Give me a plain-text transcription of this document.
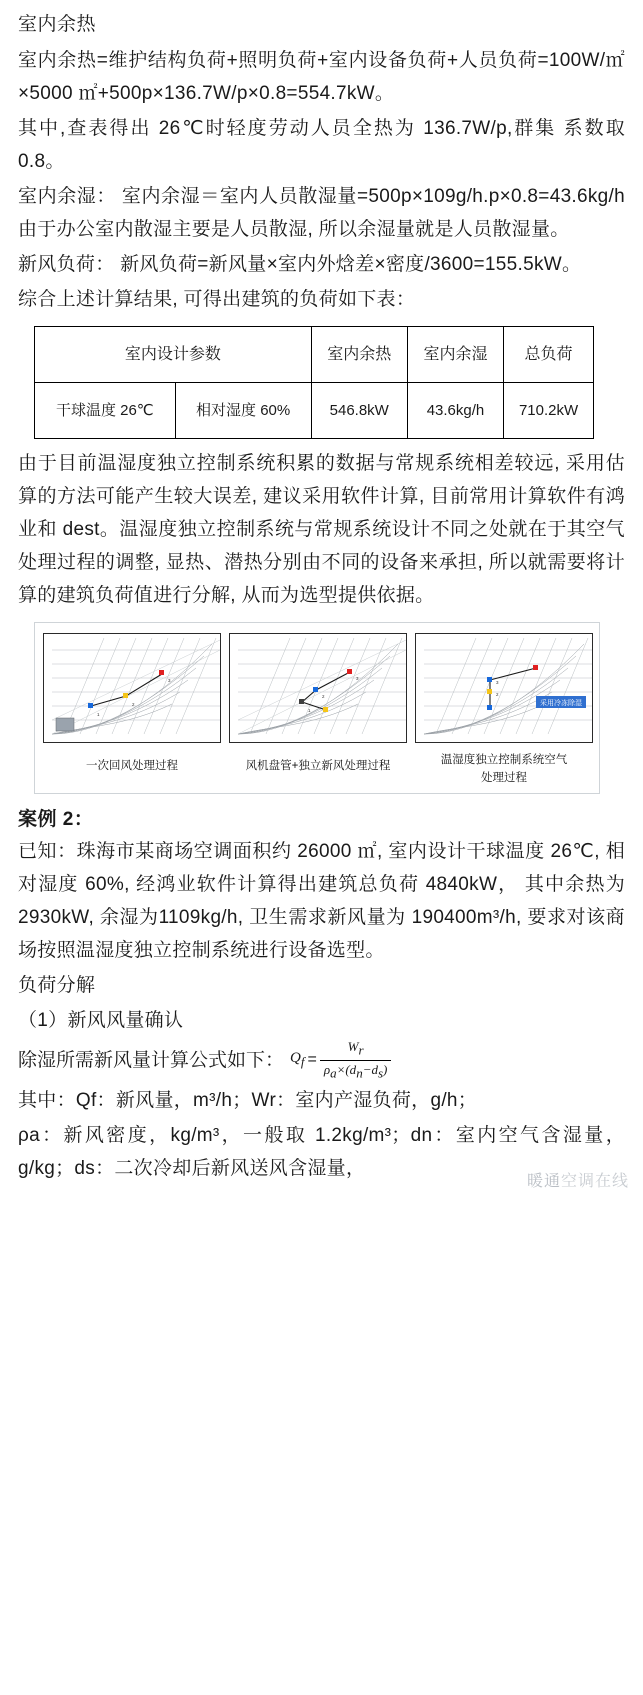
室内余热

室内余热=维护结构负荷+照明负荷+室内设备负荷+人员负荷=100W/㎡×5000 ㎡+500p×136.7W/p×0.8=554.7kW。

其中,查表得出 26℃时轻度劳动人员全热为 136.7W/p,群集 系数取 0.8。

室内余湿： 室内余湿＝室内人员散湿量=500p×109g/h.p×0.8=43.6kg/h 由于办公室内散湿主要是人员散湿, 所以余湿量就是人员散湿量。

新风负荷： 新风负荷=新风量×室内外焓差×密度/3600=155.5kW。

综合上述计算结果, 可得出建筑的负荷如下表：

室内设计参数		室内余热	室内余湿	总负荷
干球温度 26℃	相对湿度 60%	546.8kW	43.6kg/h	710.2kW

由于目前温湿度独立控制系统积累的数据与常规系统相差较远, 采用估算的方法可能产生较大误差, 建议采用软件计算, 目前常用计算软件有鸿业和 dest。温湿度独立控制系统与常规系统设计不同之处就在于其空气处理过程的调整, 显热、潜热分别由不同的设备来承担, 所以就需要将计算的建筑负荷值进行分解, 从而为选型提供依据。

1
2
3
一次回风处理过程
1
2
3
风机盘管+独立新风处理过程
2
3
采用冷冻除湿
温湿度独立控制系统空气
处理过程
案例 2：

已知：珠海市某商场空调面积约 26000 ㎡, 室内设计干球温度 26℃, 相对湿度 60%, 经鸿业软件计算得出建筑总负荷 4840kW， 其中余热为 2930kW, 余湿为1109kg/h, 卫生需求新风量为 190400m³/h, 要求对该商场按照温湿度独立控制系统进行设备选型。

负荷分解

（1）新风风量确认

除湿所需新风量计算公式如下： $Qf = \frac{Wr}{\rho a\times(dn-ds)}$

其中：Qf：新风量，m³/h；Wr：室内产湿负荷，g/h；

ρa：新风密度，kg/m³，一般取 1.2kg/m³；dn：室内空气含湿量，g/kg；ds：二次冷却后新风送风含湿量，

暖通空调在线
